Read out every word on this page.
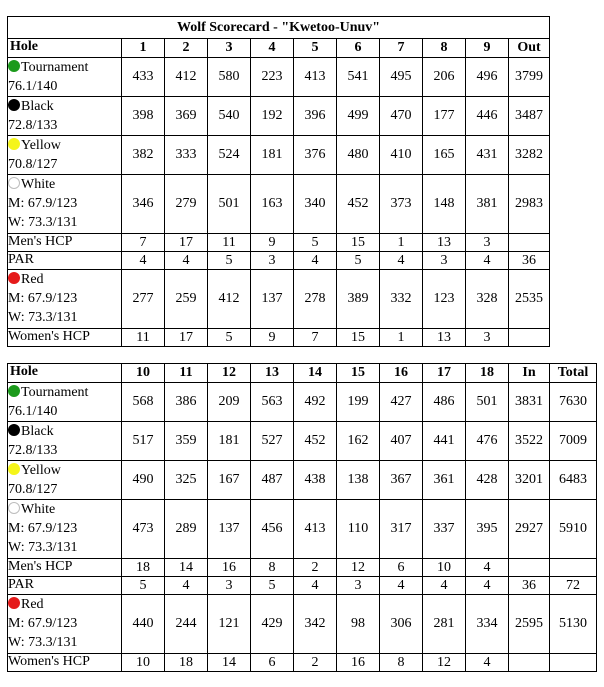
Wolf Scorecard - "Kwetoo-Unuv"										
Hole	1	2	3	4	5	6	7	8	9	Out

Tournament
76.1/140	433	412	580	223	413	541	495	206	496	3799

Black
72.8/133	398	369	540	192	396	499	470	177	446	3487

Yellow
70.8/127	382	333	524	181	376	480	410	165	431	3282

White
M: 67.9/123
W: 73.3/131	346	279	501	163	340	452	373	148	381	2983
Men's HCP	7	17	11	9	5	15	1	13	3	
PAR	4	4	5	3	4	5	4	3	4	36

Red
M: 67.9/123
W: 73.3/131	277	259	412	137	278	389	332	123	328	2535
Women's HCP	11	17	5	9	7	15	1	13	3	
Hole	10	11	12	13	14	15	16	17	18	In	Total

Tournament
76.1/140	568	386	209	563	492	199	427	486	501	3831	7630

Black
72.8/133	517	359	181	527	452	162	407	441	476	3522	7009

Yellow
70.8/127	490	325	167	487	438	138	367	361	428	3201	6483

White
M: 67.9/123
W: 73.3/131	473	289	137	456	413	110	317	337	395	2927	5910
Men's HCP	18	14	16	8	2	12	6	10	4		
PAR	5	4	3	5	4	3	4	4	4	36	72

Red
M: 67.9/123
W: 73.3/131	440	244	121	429	342	98	306	281	334	2595	5130
Women's HCP	10	18	14	6	2	16	8	12	4		
